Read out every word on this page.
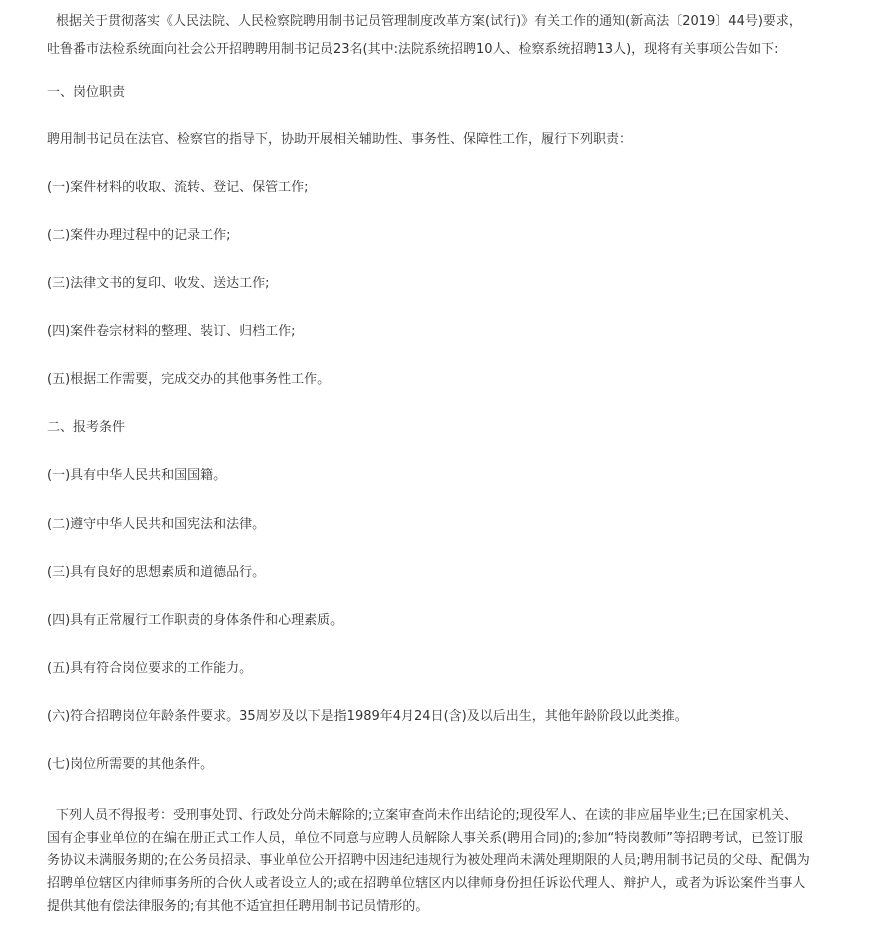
根据关于贯彻落实《人民法院、人民检察院聘用制书记员管理制度改革方案(试行)》有关工作的通知(新高法〔2019〕44号)要求，
吐鲁番市法检系统面向社会公开招聘聘用制书记员23名(其中:法院系统招聘10人、检察系统招聘13人)，现将有关事项公告如下:

一、岗位职责

聘用制书记员在法官、检察官的指导下，协助开展相关辅助性、事务性、保障性工作，履行下列职责：

(一)案件材料的收取、流转、登记、保管工作;

(二)案件办理过程中的记录工作;

(三)法律文书的复印、收发、送达工作;

(四)案件卷宗材料的整理、装订、归档工作;

(五)根据工作需要，完成交办的其他事务性工作。

二、报考条件

(一)具有中华人民共和国国籍。

(二)遵守中华人民共和国宪法和法律。

(三)具有良好的思想素质和道德品行。

(四)具有正常履行工作职责的身体条件和心理素质。

(五)具有符合岗位要求的工作能力。

(六)符合招聘岗位年龄条件要求。35周岁及以下是指1989年4月24日(含)及以后出生，其他年龄阶段以此类推。

(七)岗位所需要的其他条件。

下列人员不得报考：受刑事处罚、行政处分尚未解除的;立案审查尚未作出结论的;现役军人、在读的非应届毕业生;已在国家机关、
国有企事业单位的在编在册正式工作人员，单位不同意与应聘人员解除人事关系(聘用合同)的;参加“特岗教师”等招聘考试，已签订服
务协议未满服务期的;在公务员招录、事业单位公开招聘中因违纪违规行为被处理尚未满处理期限的人员;聘用制书记员的父母、配偶为
招聘单位辖区内律师事务所的合伙人或者设立人的;或在招聘单位辖区内以律师身份担任诉讼代理人、辩护人，或者为诉讼案件当事人
提供其他有偿法律服务的;有其他不适宜担任聘用制书记员情形的。
